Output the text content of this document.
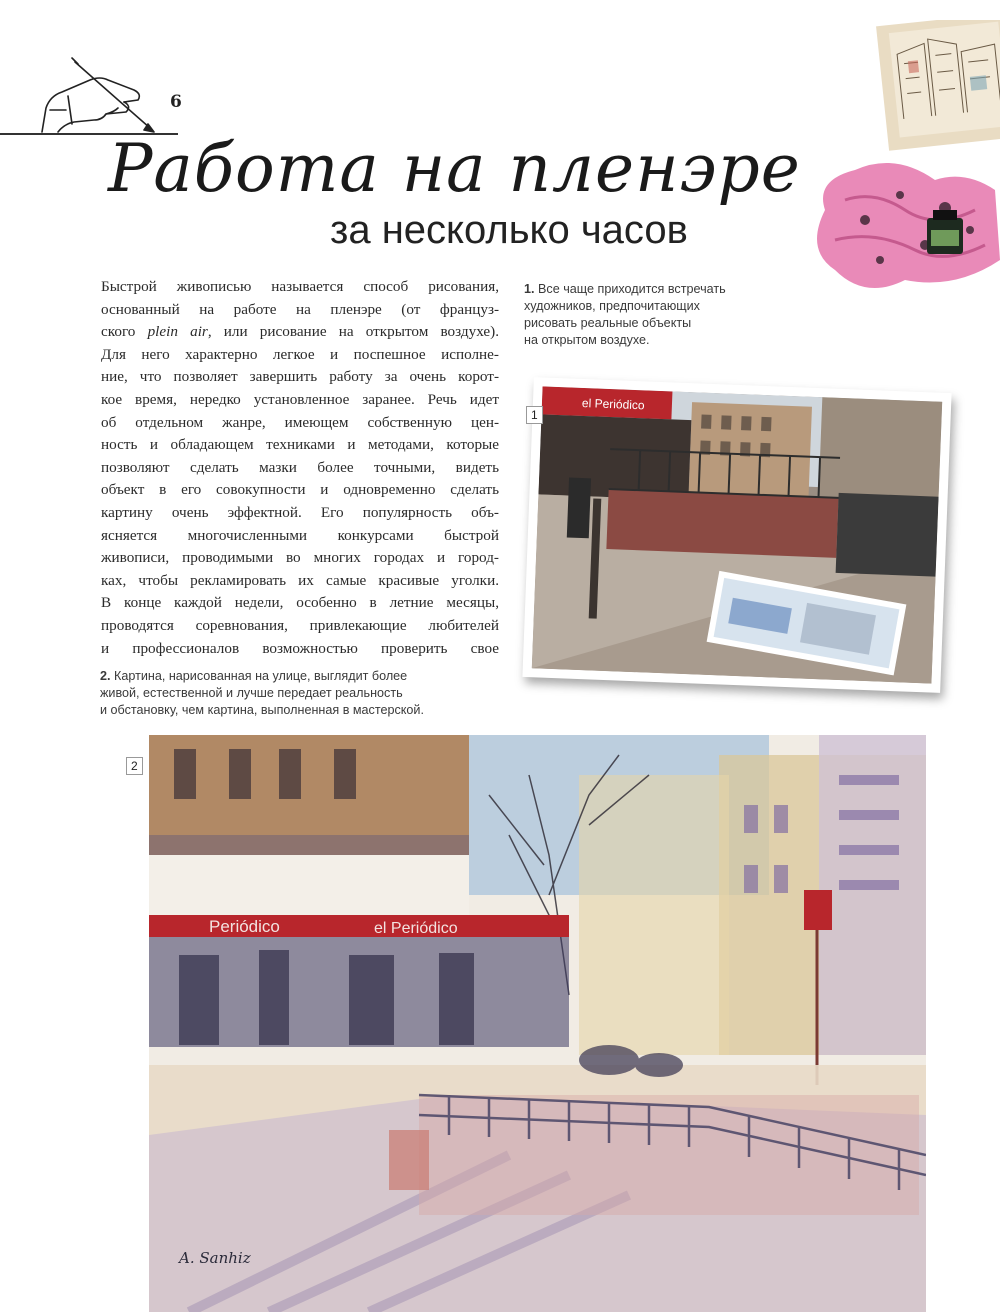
6
Работа на пленэре
за несколько часов
Быстрой живописью называется способ рисования,
основанный на работе на пленэре (от француз-
ского plein air, или рисование на открытом воздухе).
Для него характерно легкое и поспешное исполне-
ние, что позволяет завершить работу за очень корот-
кое время, нередко установленное заранее. Речь идет
об отдельном жанре, имеющем собственную цен-
ность и обладающем техниками и методами, которые
позволяют сделать мазки более точными, видеть
объект в его совокупности и одновременно сделать
картину очень эффектной. Его популярность объ-
ясняется многочисленными конкурсами быстрой
живописи, проводимыми во многих городах и город-
ках, чтобы рекламировать их самые красивые уголки.
В конце каждой недели, особенно в летние месяцы,
проводятся соревнования, привлекающие любителей
и профессионалов возможностью проверить свое
1. Все чаще приходится встречать
художников, предпочитающих
рисовать реальные объекты
на открытом воздухе.
el Periódico
1
2. Картина, нарисованная на улице, выглядит более
живой, естественной и лучше передает реальность
и обстановку, чем картина, выполненная в мастерской.
2
Periódico	el Periódico
A. Sanhiz
